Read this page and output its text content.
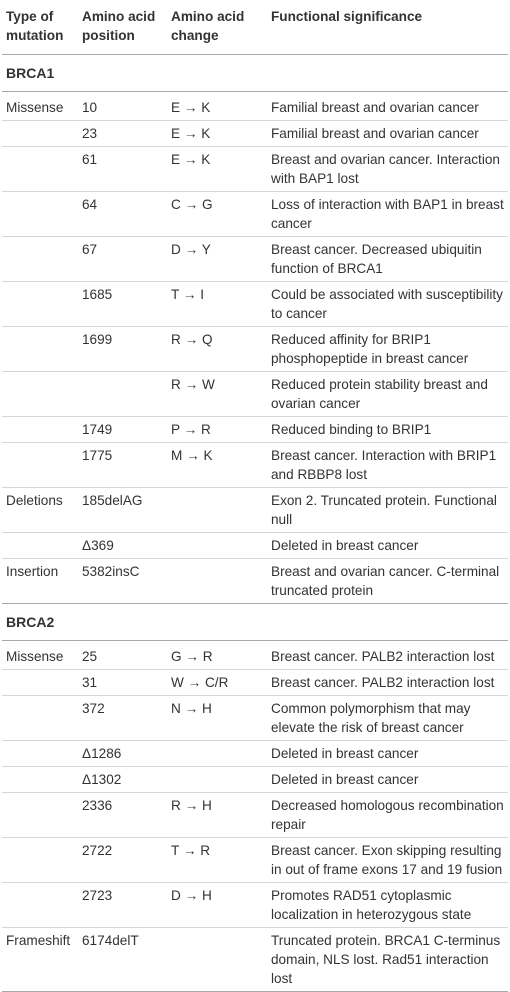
Type of mutation	Amino acid position	Amino acid change	Functional significance
BRCA1			
Missense	10	E → K	Familial breast and ovarian cancer
	23	E → K	Familial breast and ovarian cancer
	61	E → K	Breast and ovarian cancer. Interaction with BAP1 lost
	64	C → G	Loss of interaction with BAP1 in breast cancer
	67	D → Y	Breast cancer. Decreased ubiquitin function of BRCA1
	1685	T → I	Could be associated with susceptibility to cancer
	1699	R → Q	Reduced affinity for BRIP1 phosphopeptide in breast cancer
		R → W	Reduced protein stability breast and ovarian cancer
	1749	P → R	Reduced binding to BRIP1
	1775	M → K	Breast cancer. Interaction with BRIP1 and RBBP8 lost
Deletions	185delAG		Exon 2. Truncated protein. Functional null
	Δ369		Deleted in breast cancer
Insertion	5382insC		Breast and ovarian cancer. C-terminal truncated protein
BRCA2			
Missense	25	G → R	Breast cancer. PALB2 interaction lost
	31	W → C/R	Breast cancer. PALB2 interaction lost
	372	N → H	Common polymorphism that may elevate the risk of breast cancer
	Δ1286		Deleted in breast cancer
	Δ1302		Deleted in breast cancer
	2336	R → H	Decreased homologous recombination repair
	2722	T → R	Breast cancer. Exon skipping resulting in out of frame exons 17 and 19 fusion
	2723	D → H	Promotes RAD51 cytoplasmic localization in heterozygous state
Frameshift	6174delT		Truncated protein. BRCA1 C-terminus domain, NLS lost. Rad51 interaction lost
